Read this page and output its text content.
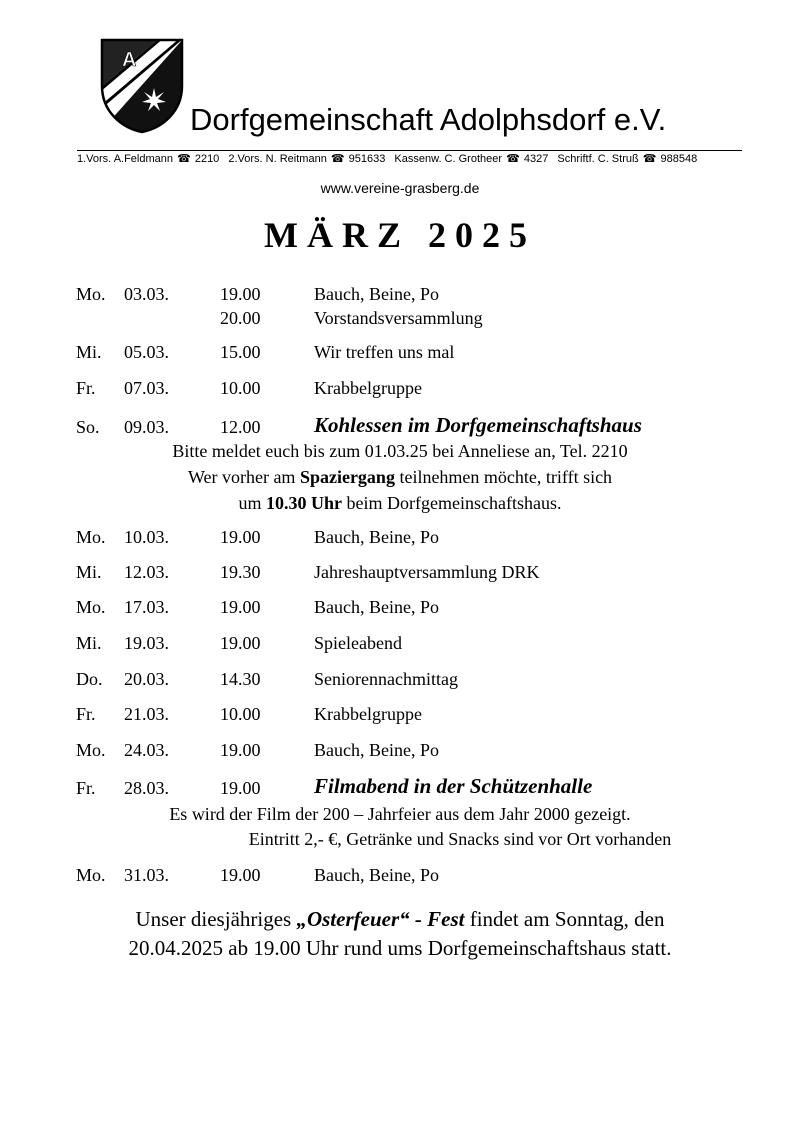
A
Dorfgemeinschaft Adolphsdorf e.V.
1.Vors. A.Feldmann ☎ 2210 2.Vors. N. Reitmann ☎ 951633 Kassenw. C. Grotheer ☎ 4327 Schriftf. C. Struß ☎ 988548
www.vereine-grasberg.de
MÄRZ 2025
Mo. 03.03.	19.00	Bauch, Beine, Po
20.00	Vorstandsversammlung
Mi. 05.03.	15.00	Wir treffen uns mal
Fr. 07.03.	10.00	Krabbelgruppe
So. 09.03.	12.00	Kohlessen im Dorfgemeinschaftshaus
Bitte meldet euch bis zum 01.03.25 bei Anneliese an, Tel. 2210
Wer vorher am Spaziergang teilnehmen möchte, trifft sich
um 10.30 Uhr beim Dorfgemeinschaftshaus.
Mo. 10.03.	19.00	Bauch, Beine, Po
Mi. 12.03.	19.30	Jahreshauptversammlung DRK
Mo. 17.03.	19.00	Bauch, Beine, Po
Mi. 19.03.	19.00	Spieleabend
Do. 20.03.	14.30	Seniorennachmittag
Fr. 21.03.	10.00	Krabbelgruppe
Mo. 24.03.	19.00	Bauch, Beine, Po
Fr. 28.03.	19.00	Filmabend in der Schützenhalle
Es wird der Film der 200 – Jahrfeier aus dem Jahr 2000 gezeigt.
Eintritt 2,- €, Getränke und Snacks sind vor Ort vorhanden
Mo. 31.03.	19.00	Bauch, Beine, Po
Unser diesjähriges „Osterfeuer“ - Fest findet am Sonntag, den
20.04.2025 ab 19.00 Uhr rund ums Dorfgemeinschaftshaus statt.
